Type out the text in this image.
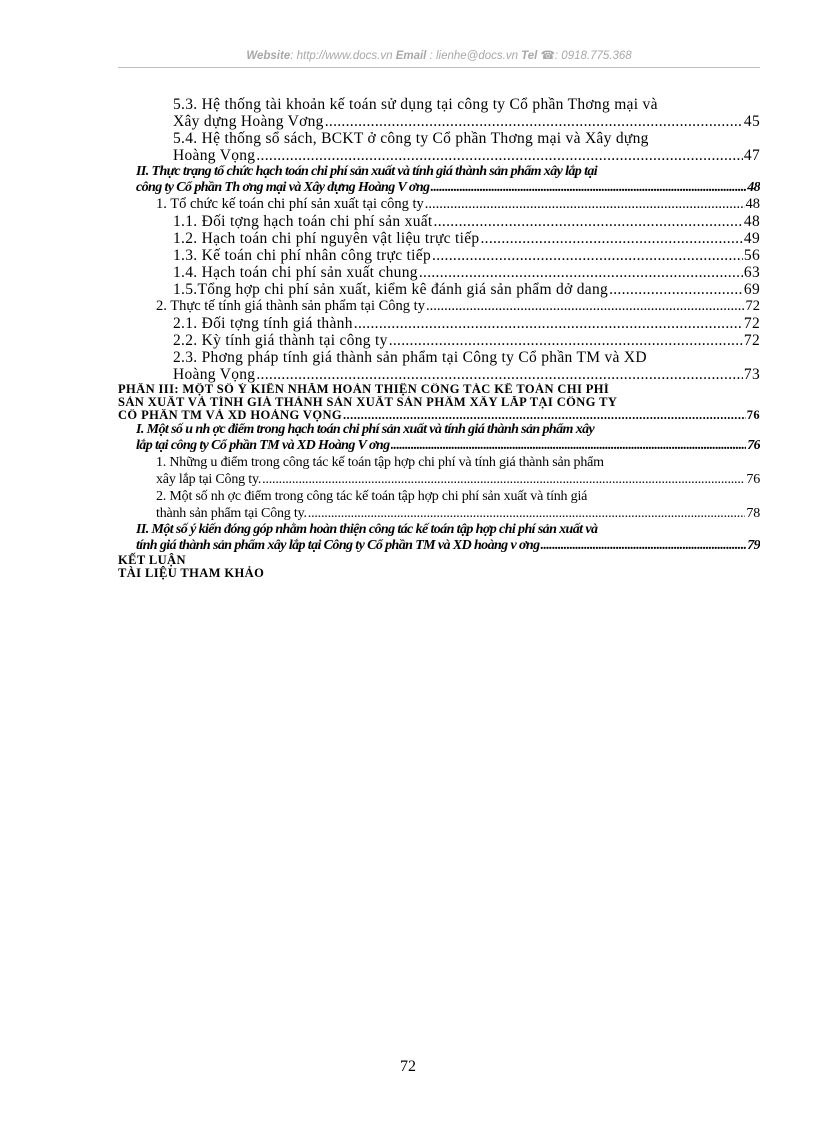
Website: http://www.docs.vn Email : lienhe@docs.vn Tel ☎: 0918.775.368
5.3. Hệ thống tài khoản kế toán sử dụng tại công ty Cổ phần Thơng mại và
Xây dựng Hoàng Vơng .....	45
5.4. Hệ thống sổ sách, BCKT ở công ty Cổ phần Thơng mại và Xây dựng
Hoàng Vọng .....	47
II. Thực trạng tổ chức hạch toán chi phí sản xuất và tính giá thành sản phẩm xây lắp tại
công ty Cổ phần Th ơng mại và Xây dựng Hoàng V ơng .....	48
1. Tổ chức kế toán chi phí sản xuất tại công ty .....	48
1.1. Đối tợng hạch toán chi phí sản xuất .....	48
1.2. Hạch toán chi phí nguyên vật liệu trực tiếp .....	49
1.3. Kế toán chi phí nhân công trực tiếp .....	56
1.4. Hạch toán chi phí sản xuất chung .....	63
1.5.Tổng hợp chi phí sản xuất, kiểm kê đánh giá sản phẩm dở dang .....	69
2. Thực tế tính giá thành sản phẩm tại Công ty .....	72
2.1. Đối tợng tính giá thành .....	72
2.2. Kỳ tính giá thành tại công ty .....	72
2.3. Phơng pháp tính giá thành sản phẩm tại Công ty Cổ phần TM và XD
Hoàng Vọng .....	73
PHẦN III: MỘT SỐ Ý KIẾN NHẰM HOÀN THIỆN CÔNG TÁC KẾ TOÁN CHI PHÍ
SẢN XUẤT VÀ TÍNH GIÁ THÀNH SẢN XUẤT SẢN PHẨM XÂY LẮP TẠI CÔNG TY
CỔ PHẦN TM VÀ XD HOÀNG VỌNG .....	76
I. Một số u nh ợc điểm trong hạch toán chi phí sản xuất và tính giá thành sản phẩm xây
lắp tại công ty Cổ phần TM và XD Hoàng V ơng .....	76
1. Những u điểm trong công tác kế toán tập hợp chi phí và tính giá thành sản phẩm
xây lắp tại Công ty. .....	76
2. Một số nh ợc điểm trong công tác kế toán tập hợp chi phí sản xuất và tính giá
thành sản phẩm tại Công ty. .....	78
II. Một số ý kiến đóng góp nhằm hoàn thiện công tác kế toán tập hợp chi phí sản xuất và
tính giá thành sản phẩm xây lắp tại Công ty Cổ phần TM và XD hoàng v ơng .....	79
KẾT LUẬN
TÀI LIỆU THAM KHẢO
72
